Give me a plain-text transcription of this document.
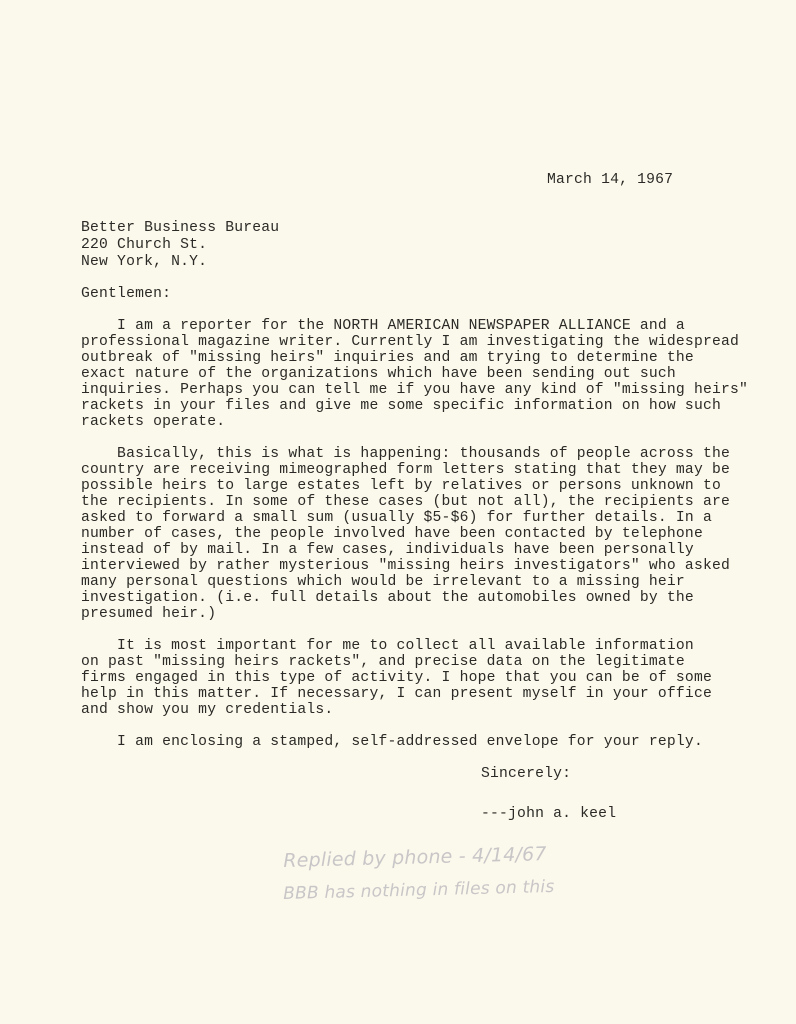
March 14, 1967
Better Business Bureau
220 Church St.
New York, N.Y.
Gentlemen:
I am a reporter for the NORTH AMERICAN NEWSPAPER ALLIANCE and a
professional magazine writer. Currently I am investigating the widespread
outbreak of "missing heirs" inquiries and am trying to determine the
exact nature of the organizations which have been sending out such
inquiries. Perhaps you can tell me if you have any kind of "missing heirs"
rackets in your files and give me some specific information on how such
rackets operate.
Basically, this is what is happening: thousands of people across the
country are receiving mimeographed form letters stating that they may be
possible heirs to large estates left by relatives or persons unknown to
the recipients. In some of these cases (but not all), the recipients are
asked to forward a small sum (usually $5-$6) for further details. In a
number of cases, the people involved have been contacted by telephone
instead of by mail. In a few cases, individuals have been personally
interviewed by rather mysterious "missing heirs investigators" who asked
many personal questions which would be irrelevant to a missing heir
investigation. (i.e. full details about the automobiles owned by the
presumed heir.)
It is most important for me to collect all available information
on past "missing heirs rackets", and precise data on the legitimate
firms engaged in this type of activity. I hope that you can be of some
help in this matter. If necessary, I can present myself in your office
and show you my credentials.
I am enclosing a stamped, self-addressed envelope for your reply.
Sincerely:
---john a. keel
Replied by phone - 4/14/67
BBB has nothing in files on this
